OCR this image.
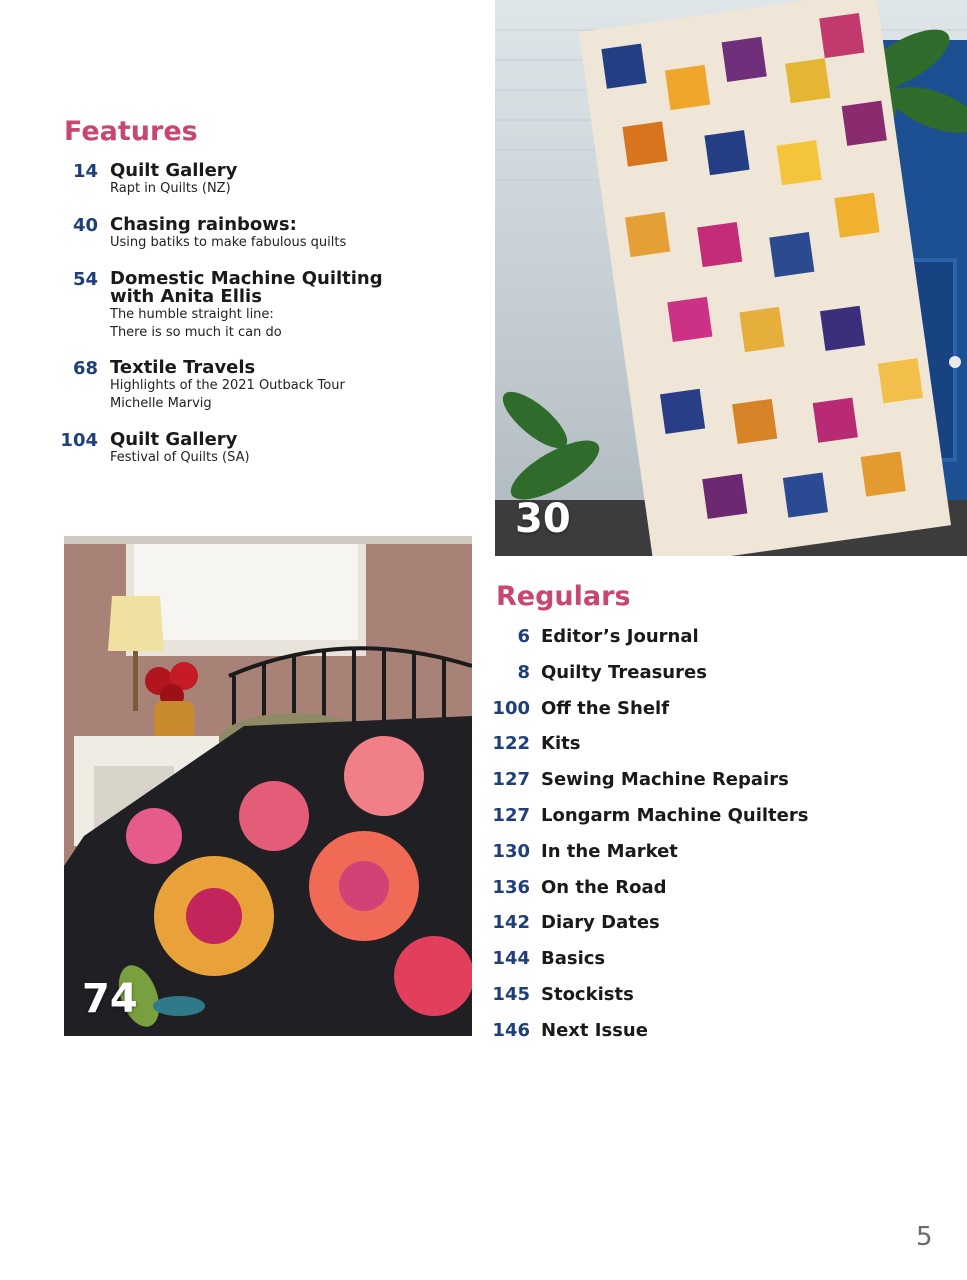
Features
14 Quilt Gallery
Rapt in Quilts (NZ)
40 Chasing rainbows:
Using batiks to make fabulous quilts
54 Domestic Machine Quilting
with Anita Ellis
The humble straight line:
There is so much it can do
68 Textile Travels
Highlights of the 2021 Outback Tour
Michelle Marvig
104 Quilt Gallery
Festival of Quilts (SA)
30
74
Regulars
6 Editor’s Journal
8 Quilty Treasures
100 Off the Shelf
122 Kits
127 Sewing Machine Repairs
127 Longarm Machine Quilters
130 In the Market
136 On the Road
142 Diary Dates
144 Basics
145 Stockists
146 Next Issue
5
